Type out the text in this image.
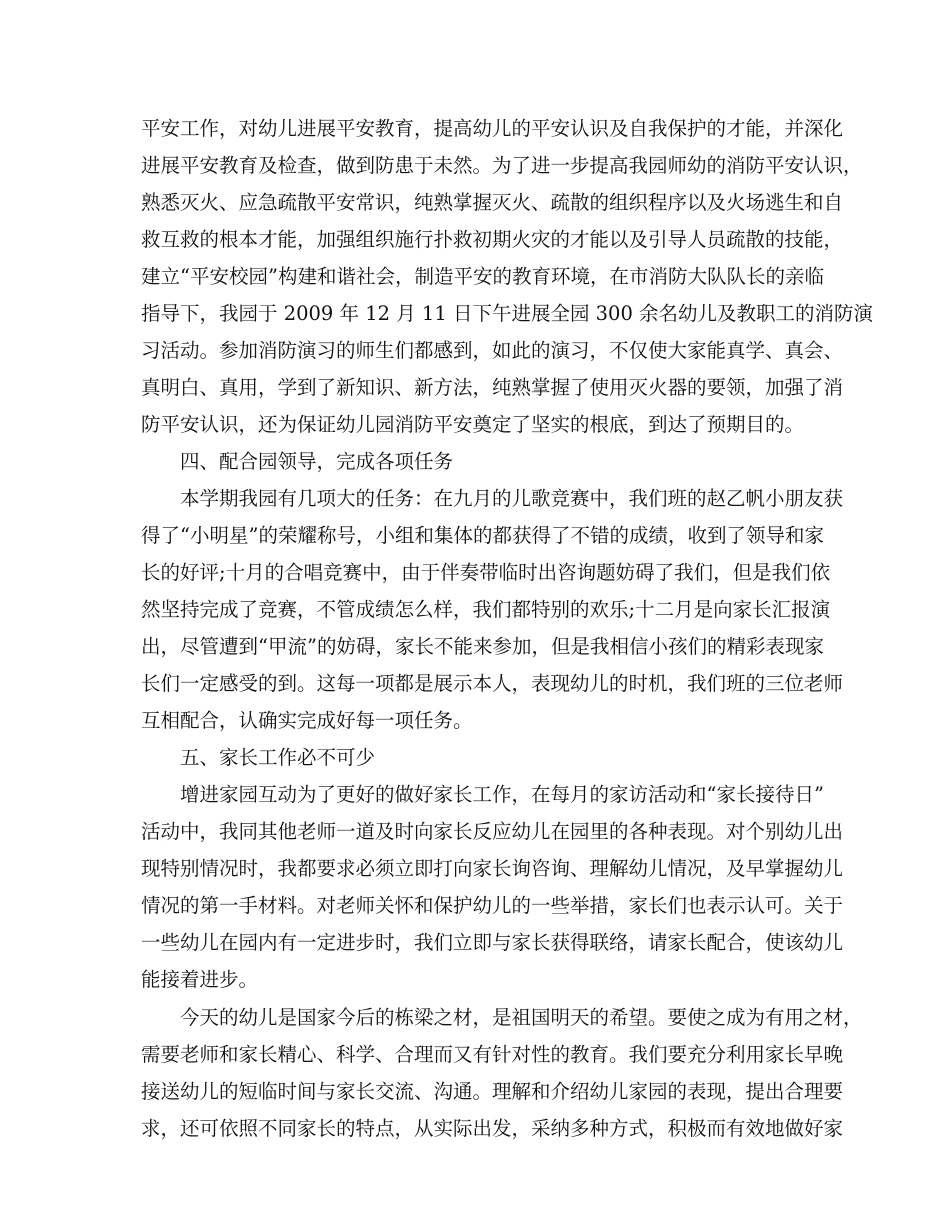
平安工作，对幼儿进展平安教育，提高幼儿的平安认识及自我保护的才能，并深化
进展平安教育及检查，做到防患于未然。为了进一步提高我园师幼的消防平安认识，
熟悉灭火、应急疏散平安常识，纯熟掌握灭火、疏散的组织程序以及火场逃生和自
救互救的根本才能，加强组织施行扑救初期火灾的才能以及引导人员疏散的技能，
建立“平安校园”构建和谐社会，制造平安的教育环境，在市消防大队队长的亲临
指导下，我园于 2009 年 12 月 11 日下午进展全园 300 余名幼儿及教职工的消防演
习活动。参加消防演习的师生们都感到，如此的演习，不仅使大家能真学、真会、
真明白、真用，学到了新知识、新方法，纯熟掌握了使用灭火器的要领，加强了消
防平安认识，还为保证幼儿园消防平安奠定了坚实的根底，到达了预期目的。
四、配合园领导，完成各项任务
本学期我园有几项大的任务：在九月的儿歌竞赛中，我们班的赵乙帆小朋友获
得了“小明星”的荣耀称号，小组和集体的都获得了不错的成绩，收到了领导和家
长的好评;十月的合唱竞赛中，由于伴奏带临时出咨询题妨碍了我们，但是我们依
然坚持完成了竞赛，不管成绩怎么样，我们都特别的欢乐;十二月是向家长汇报演
出，尽管遭到“甲流”的妨碍，家长不能来参加，但是我相信小孩们的精彩表现家
长们一定感受的到。这每一项都是展示本人，表现幼儿的时机，我们班的三位老师
互相配合，认确实完成好每一项任务。
五、家长工作必不可少
增进家园互动为了更好的做好家长工作，在每月的家访活动和“家长接待日”
活动中，我同其他老师一道及时向家长反应幼儿在园里的各种表现。对个别幼儿出
现特别情况时，我都要求必须立即打向家长询咨询、理解幼儿情况，及早掌握幼儿
情况的第一手材料。对老师关怀和保护幼儿的一些举措，家长们也表示认可。关于
一些幼儿在园内有一定进步时，我们立即与家长获得联络，请家长配合，使该幼儿
能接着进步。
今天的幼儿是国家今后的栋梁之材，是祖国明天的希望。要使之成为有用之材，
需要老师和家长精心、科学、合理而又有针对性的教育。我们要充分利用家长早晚
接送幼儿的短临时间与家长交流、沟通。理解和介绍幼儿家园的表现，提出合理要
求，还可依照不同家长的特点，从实际出发，采纳多种方式，积极而有效地做好家
